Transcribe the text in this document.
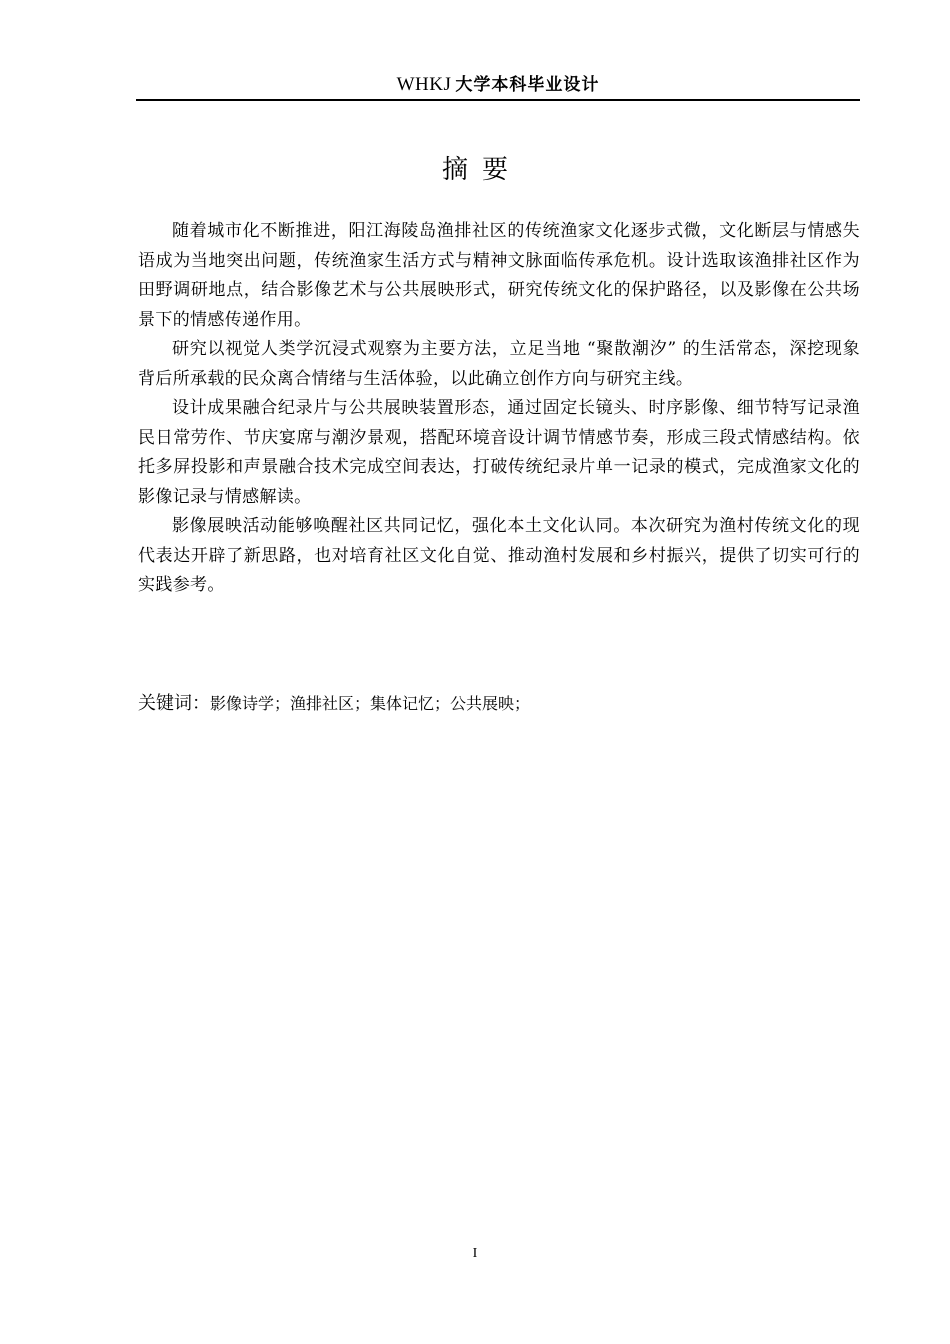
WHKJ 大学本科毕业设计
摘要

随着城市化不断推进，阳江海陵岛渔排社区的传统渔家文化逐步式微，文化断层与情感失语成为当地突出问题，传统渔家生活方式与精神文脉面临传承危机。设计选取该渔排社区作为田野调研地点，结合影像艺术与公共展映形式，研究传统文化的保护路径，以及影像在公共场景下的情感传递作用。

研究以视觉人类学沉浸式观察为主要方法，立足当地 “聚散潮汐” 的生活常态，深挖现象背后所承载的民众离合情绪与生活体验，以此确立创作方向与研究主线。

设计成果融合纪录片与公共展映装置形态，通过固定长镜头、时序影像、细节特写记录渔民日常劳作、节庆宴席与潮汐景观，搭配环境音设计调节情感节奏，形成三段式情感结构。依托多屏投影和声景融合技术完成空间表达，打破传统纪录片单一记录的模式，完成渔家文化的影像记录与情感解读。

影像展映活动能够唤醒社区共同记忆，强化本土文化认同。本次研究为渔村传统文化的现代表达开辟了新思路，也对培育社区文化自觉、推动渔村发展和乡村振兴，提供了切实可行的实践参考。

关键词：影像诗学；渔排社区；集体记忆；公共展映；
I
